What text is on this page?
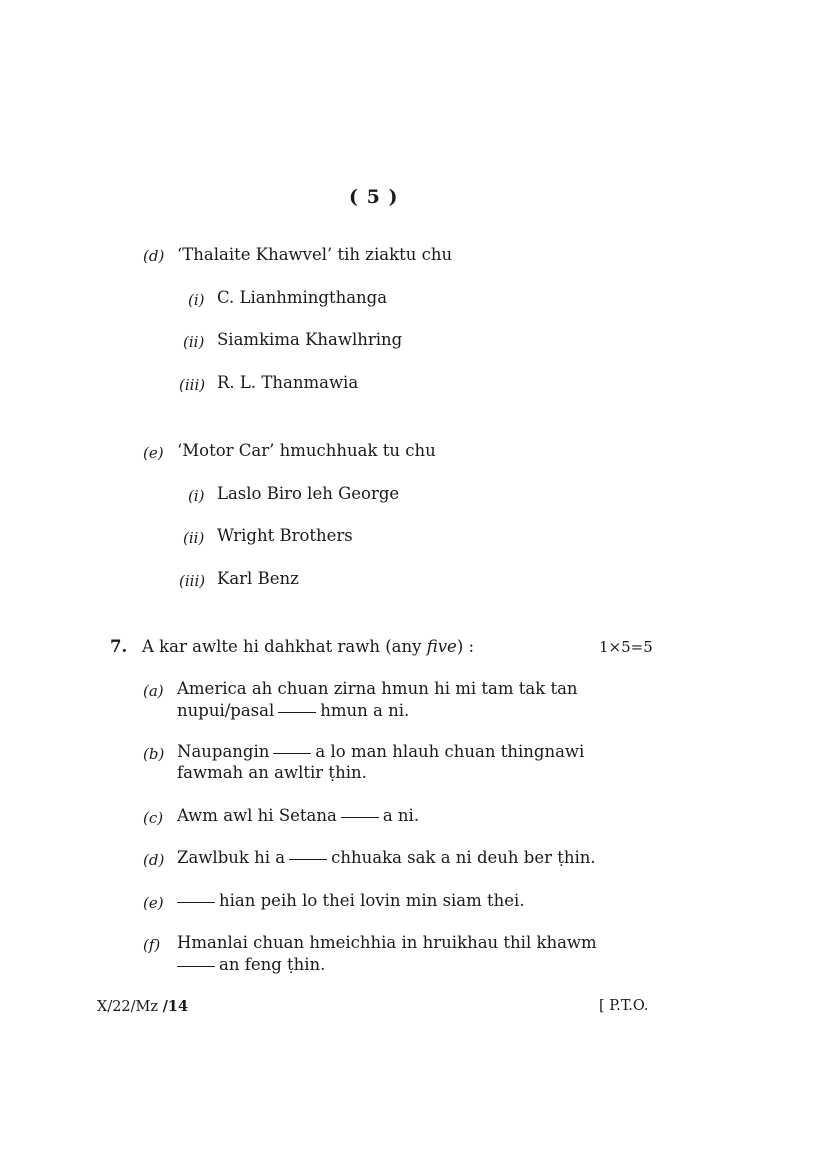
( 5 )
(d) ‘Thalaite Khawvel’ tih ziaktu chu
(i) C. Lianhmingthanga
(ii) Siamkima Khawlhring
(iii) R. L. Thanmawia
(e) ‘Motor Car’ hmuchhuak tu chu
(i) Laslo Biro leh George
(ii) Wright Brothers
(iii) Karl Benz
7. A kar awlte hi dahkhat rawh (any five) :	1×5=5
(a) America ah chuan zirna hmun hi mi tam tak tan
nupui/pasal	hmun a ni.
(b) Naupangin	a lo man hlauh chuan thingnawi
fawmah an awltir ṭhin.
(c) Awm awl hi Setana	a ni.
(d) Zawlbuk hi a	chhuaka sak a ni deuh ber ṭhin.
(e)	hian peih lo thei lovin min siam thei.
(f) Hmanlai chuan hmeichhia in hruikhau thil khawm
an feng ṭhin.
X/22/Mz /14	[ P.T.O.
